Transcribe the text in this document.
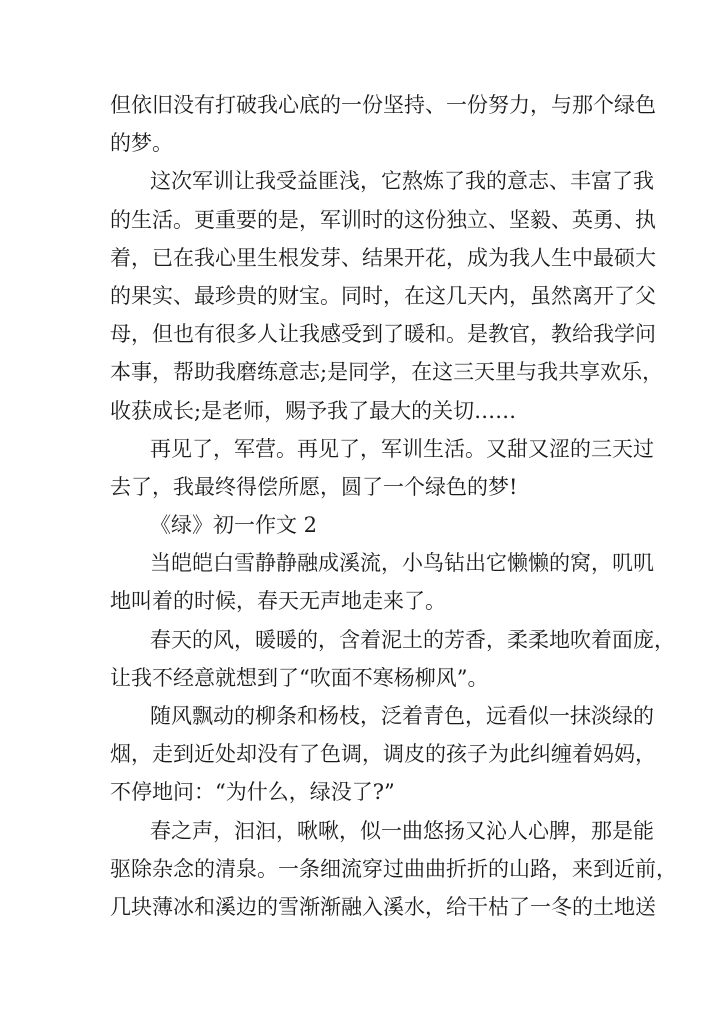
但依旧没有打破我心底的一份坚持、一份努力，与那个绿色
的梦。
这次军训让我受益匪浅，它熬炼了我的意志、丰富了我
的生活。更重要的是，军训时的这份独立、坚毅、英勇、执
着，已在我心里生根发芽、结果开花，成为我人生中最硕大
的果实、最珍贵的财宝。同时，在这几天内，虽然离开了父
母，但也有很多人让我感受到了暖和。是教官，教给我学问
本事，帮助我磨练意志;是同学，在这三天里与我共享欢乐，
收获成长;是老师，赐予我了最大的关切……
再见了，军营。再见了，军训生活。又甜又涩的三天过
去了，我最终得偿所愿，圆了一个绿色的梦!
《绿》初一作文 2
当皑皑白雪静静融成溪流，小鸟钻出它懒懒的窝，叽叽
地叫着的时候，春天无声地走来了。
春天的风，暖暖的，含着泥土的芳香，柔柔地吹着面庞，
让我不经意就想到了“吹面不寒杨柳风”。
随风飘动的柳条和杨枝，泛着青色，远看似一抹淡绿的
烟，走到近处却没有了色调，调皮的孩子为此纠缠着妈妈，
不停地问：“为什么，绿没了?”
春之声，汩汩，啾啾，似一曲悠扬又沁人心脾，那是能
驱除杂念的清泉。一条细流穿过曲曲折折的山路，来到近前，
几块薄冰和溪边的雪渐渐融入溪水，给干枯了一冬的土地送
